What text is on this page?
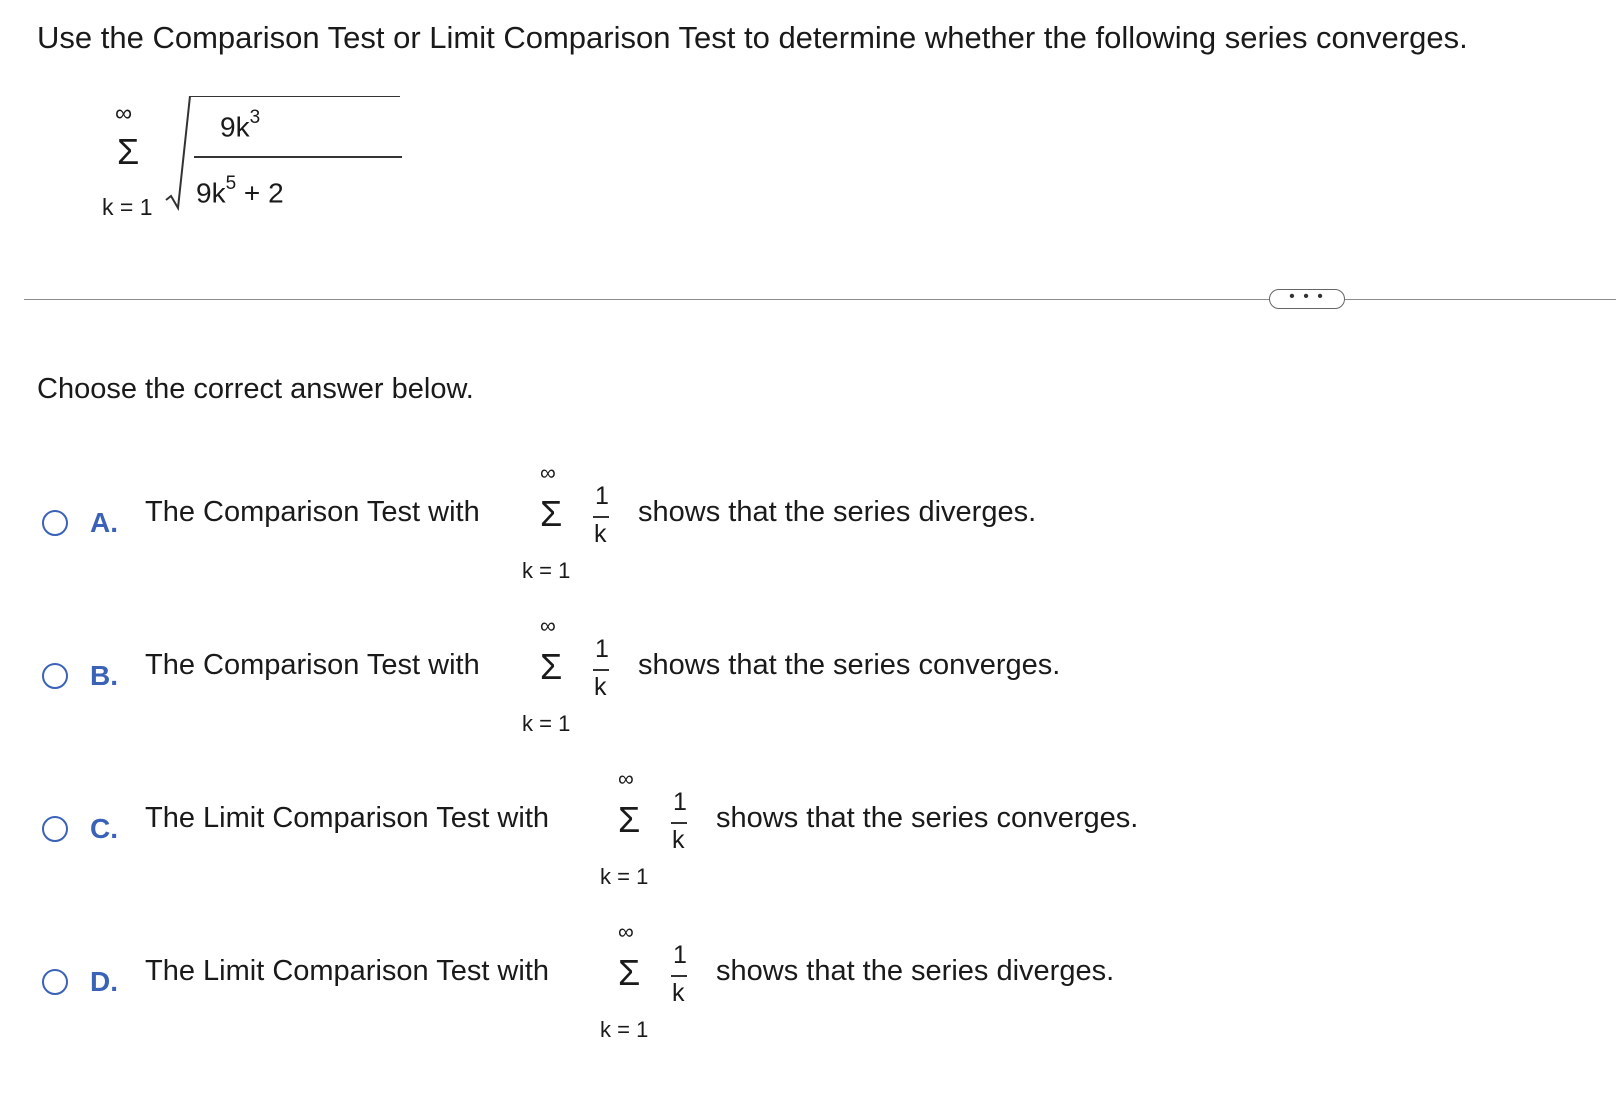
Use the Comparison Test or Limit Comparison Test to determine whether the following series converges.
∞
Σ
k = 1
$9k^3$
$9k^5 + 2$
• • •
Choose the correct answer below.
A. The Comparison Test with
∞
Σ
k = 1
1
k
shows that the series diverges.
B. The Comparison Test with
∞
Σ
k = 1
1
k
shows that the series converges.
C. The Limit Comparison Test with
∞
Σ
k = 1
1
k
shows that the series converges.
D. The Limit Comparison Test with
∞
Σ
k = 1
1
k
shows that the series diverges.
